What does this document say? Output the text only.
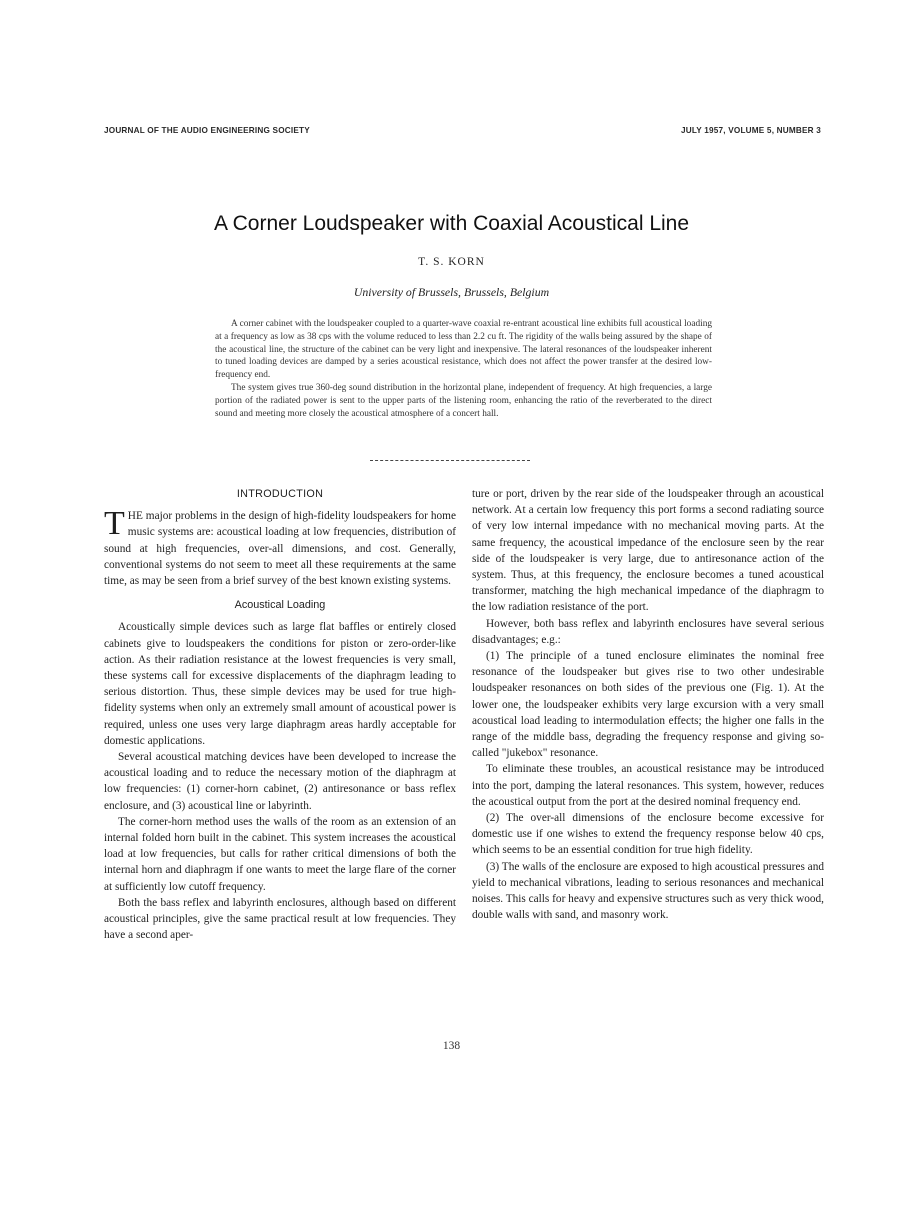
JOURNAL OF THE AUDIO ENGINEERING SOCIETY	JULY 1957, VOLUME 5, NUMBER 3
A Corner Loudspeaker with Coaxial Acoustical Line
T. S. KORN
University of Brussels, Brussels, Belgium

A corner cabinet with the loudspeaker coupled to a quarter-wave coaxial re-entrant acoustical line exhibits full acoustical loading at a frequency as low as 38 cps with the volume reduced to less than 2.2 cu ft. The rigidity of the walls being assured by the shape of the acoustical line, the structure of the cabinet can be very light and inexpensive. The lateral resonances of the loudspeaker inherent to tuned loading devices are damped by a series acoustical resistance, which does not affect the power transfer at the desired low-frequency end.

The system gives true 360-deg sound distribution in the horizontal plane, independent of frequency. At high frequencies, a large portion of the radiated power is sent to the upper parts of the listening room, enhancing the ratio of the reverberated to the direct sound and meeting more closely the acoustical atmosphere of a concert hall.

INTRODUCTION

THE major problems in the design of high-fidelity loudspeakers for home music systems are: acoustical loading at low frequencies, distribution of sound at high frequencies, over-all dimensions, and cost. Generally, conventional systems do not seem to meet all these requirements at the same time, as may be seen from a brief survey of the best known existing systems.

Acoustical Loading

Acoustically simple devices such as large flat baffles or entirely closed cabinets give to loudspeakers the conditions for piston or zero-order-like action. As their radiation resistance at the lowest frequencies is very small, these systems call for excessive displacements of the diaphragm leading to serious distortion. Thus, these simple devices may be used for true high-fidelity systems when only an extremely small amount of acoustical power is required, unless one uses very large diaphragm areas hardly acceptable for domestic applications.

Several acoustical matching devices have been developed to increase the acoustical loading and to reduce the necessary motion of the diaphragm at low frequencies: (1) corner-horn cabinet, (2) antiresonance or bass reflex enclosure, and (3) acoustical line or labyrinth.

The corner-horn method uses the walls of the room as an extension of an internal folded horn built in the cabinet. This system increases the acoustical load at low frequencies, but calls for rather critical dimensions of both the internal horn and diaphragm if one wants to meet the large flare of the corner at sufficiently low cutoff frequency.

Both the bass reflex and labyrinth enclosures, although based on different acoustical principles, give the same practical result at low frequencies. They have a second aper-

ture or port, driven by the rear side of the loudspeaker through an acoustical network. At a certain low frequency this port forms a second radiating source of very low internal impedance with no mechanical moving parts. At the same frequency, the acoustical impedance of the enclosure seen by the rear side of the loudspeaker is very large, due to antiresonance action of the system. Thus, at this frequency, the enclosure becomes a tuned acoustical transformer, matching the high mechanical impedance of the diaphragm to the low radiation resistance of the port.

However, both bass reflex and labyrinth enclosures have several serious disadvantages; e.g.:

(1) The principle of a tuned enclosure eliminates the nominal free resonance of the loudspeaker but gives rise to two other undesirable loudspeaker resonances on both sides of the previous one (Fig. 1). At the lower one, the loudspeaker exhibits very large excursion with a very small acoustical load leading to intermodulation effects; the higher one falls in the range of the middle bass, degrading the frequency response and giving so-called "jukebox" resonance.

To eliminate these troubles, an acoustical resistance may be introduced into the port, damping the lateral resonances. This system, however, reduces the acoustical output from the port at the desired nominal frequency end.

(2) The over-all dimensions of the enclosure become excessive for domestic use if one wishes to extend the frequency response below 40 cps, which seems to be an essential condition for true high fidelity.

(3) The walls of the enclosure are exposed to high acoustical pressures and yield to mechanical vibrations, leading to serious resonances and mechanical noises. This calls for heavy and expensive structures such as very thick wood, double walls with sand, and masonry work.

138
